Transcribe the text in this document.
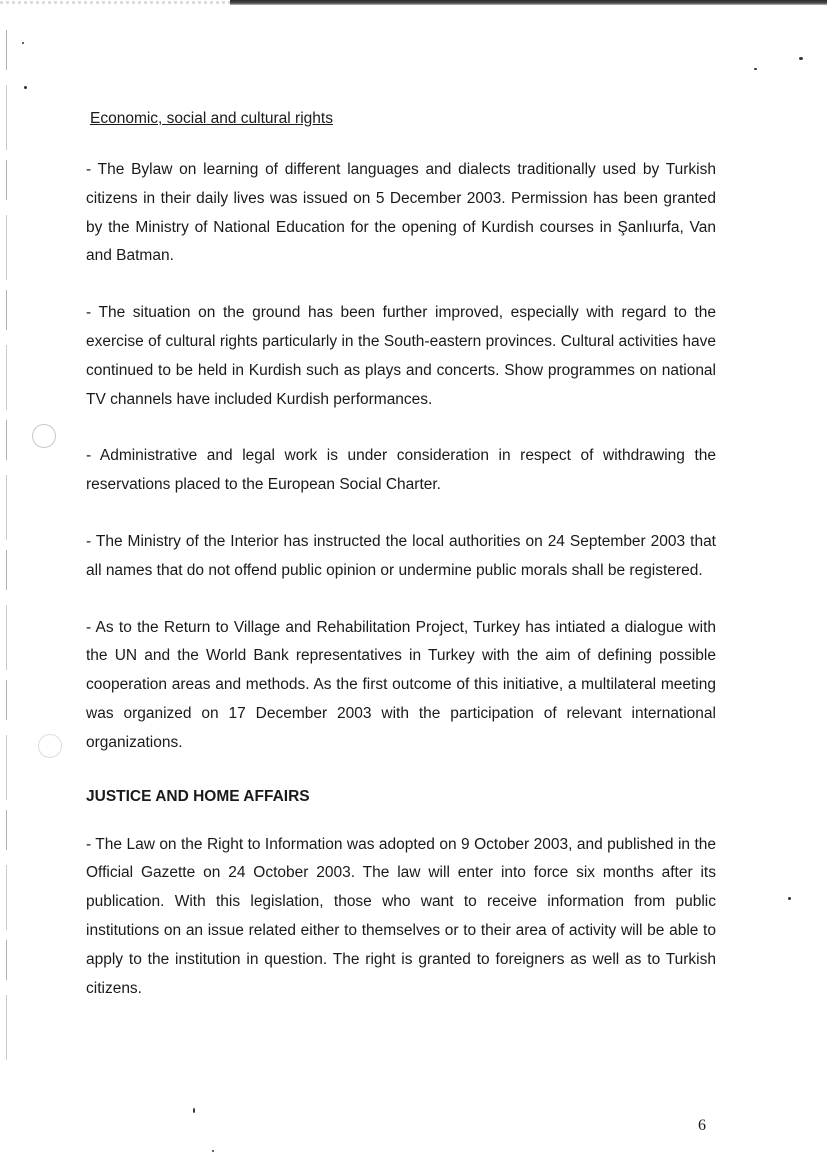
Economic, social and cultural rights
- The Bylaw on learning of different languages and dialects traditionally used by Turkish citizens in their daily lives was issued on 5 December 2003. Permission has been granted by the Ministry of National Education for the opening of Kurdish courses in Şanlıurfa, Van and Batman.
- The situation on the ground has been further improved, especially with regard to the exercise of cultural rights particularly in the South-eastern provinces. Cultural activities have continued to be held in Kurdish such as plays and concerts. Show programmes on national TV channels have included Kurdish performances.
- Administrative and legal work is under consideration in respect of withdrawing the reservations placed to the European Social Charter.
- The Ministry of the Interior has instructed the local authorities on 24 September 2003 that all names that do not offend public opinion or undermine public morals shall be registered.
- As to the Return to Village and Rehabilitation Project, Turkey has intiated a dialogue with the UN and the World Bank representatives in Turkey with the aim of defining possible cooperation areas and methods. As the first outcome of this initiative, a multilateral meeting was organized on 17 December 2003 with the participation of relevant international organizations.
JUSTICE AND HOME AFFAIRS
- The Law on the Right to Information was adopted on 9 October 2003, and published in the Official Gazette on 24 October 2003. The law will enter into force six months after its publication. With this legislation, those who want to receive information from public institutions on an issue related either to themselves or to their area of activity will be able to apply to the institution in question. The right is granted to foreigners as well as to Turkish citizens.
6
